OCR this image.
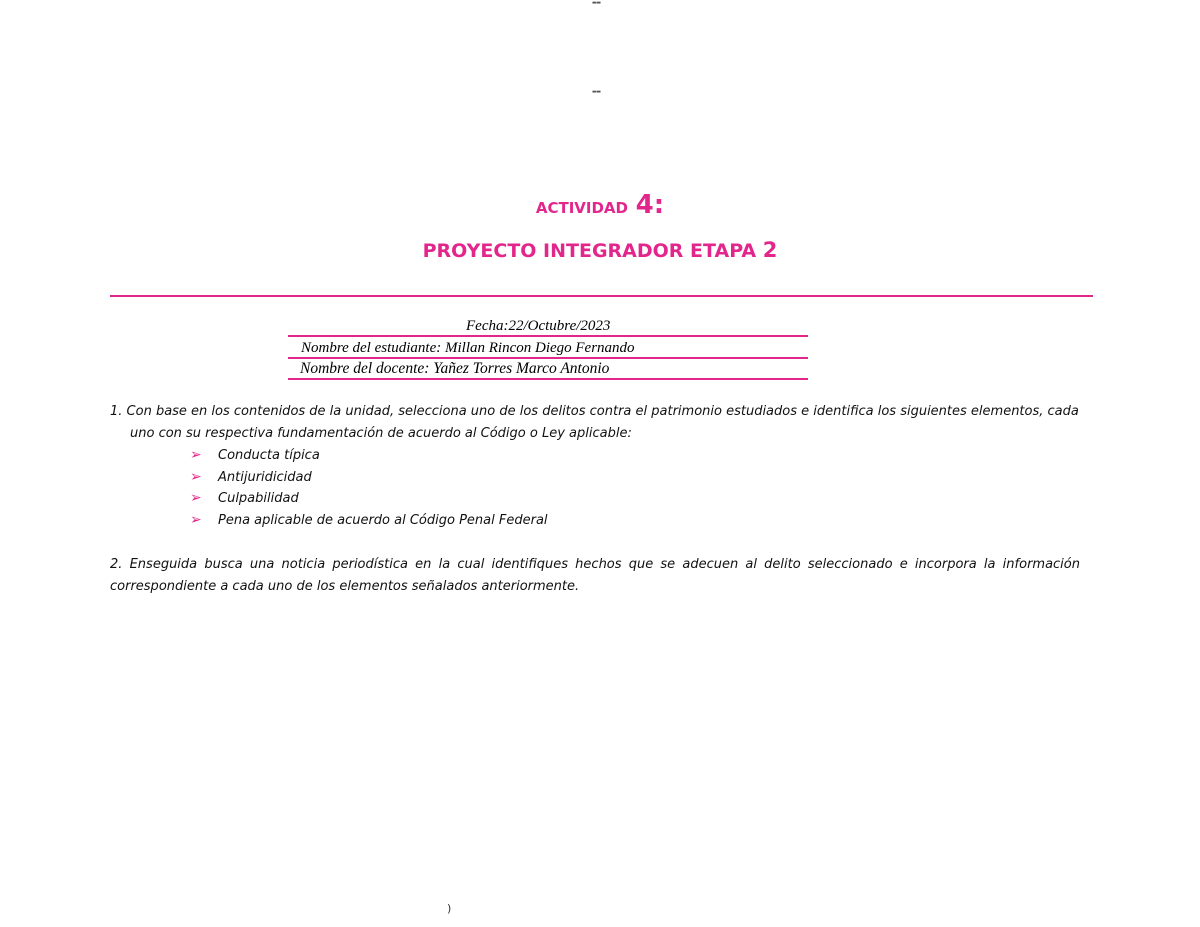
▬▬
▬▬
actividad 4:
PROYECTO INTEGRADOR ETAPA 2
Fecha:22/Octubre/2023
Nombre del estudiante: Millan Rincon Diego Fernando
Nombre del docente: Yañez Torres Marco Antonio
1. Con base en los contenidos de la unidad, selecciona uno de los delitos contra el patrimonio estudiados e identifica los siguientes elementos, cada
uno con su respectiva fundamentación de acuerdo al Código o Ley aplicable:
➢ Conducta típica
➢ Antijuridicidad
➢ Culpabilidad
➢ Pena aplicable de acuerdo al Código Penal Federal
2. Enseguida busca una noticia periodística en la cual identifiques hechos que se adecuen al delito seleccionado e incorpora la información
correspondiente a cada uno de los elementos señalados anteriormente.
)
